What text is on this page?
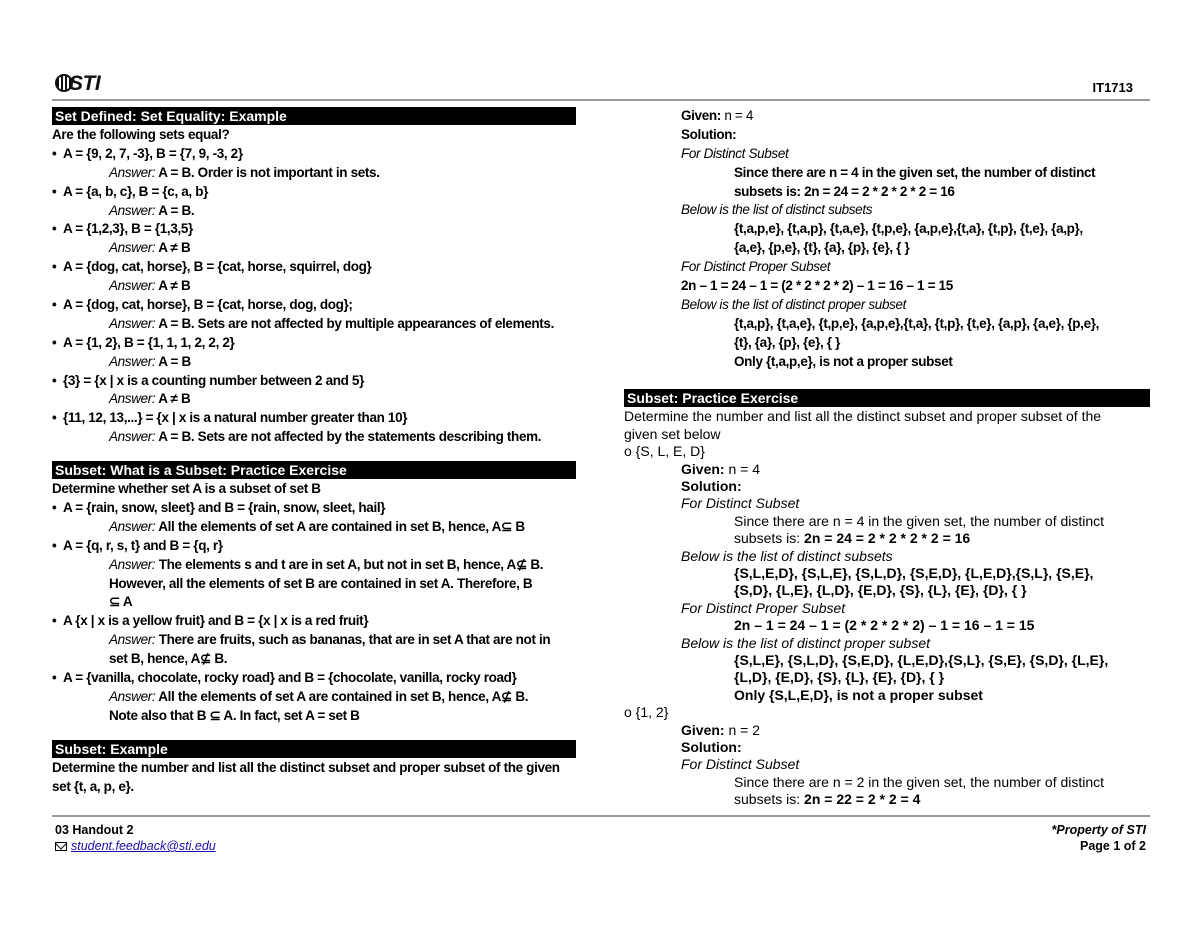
STI	IT1713
Set Defined: Set Equality: Example
Are the following sets equal?
• A = {9, 2, 7, -3}, B = {7, 9, -3, 2}
Answer: A = B. Order is not important in sets.
• A = {a, b, c}, B = {c, a, b}
Answer: A = B.
• A = {1,2,3}, B = {1,3,5}
Answer: A ≠ B
• A = {dog, cat, horse}, B = {cat, horse, squirrel, dog}
Answer: A ≠ B
• A = {dog, cat, horse}, B = {cat, horse, dog, dog};
Answer: A = B. Sets are not affected by multiple appearances of elements.
• A = {1, 2}, B = {1, 1, 1, 2, 2, 2}
Answer: A = B
• {3} = {x | x is a counting number between 2 and 5}
Answer: A ≠ B
• {11, 12, 13,...} = {x | x is a natural number greater than 10}
Answer: A = B. Sets are not affected by the statements describing them.
Subset: What is a Subset: Practice Exercise
Determine whether set A is a subset of set B
• A = {rain, snow, sleet} and B = {rain, snow, sleet, hail}
Answer: All the elements of set A are contained in set B, hence, A⊆ B
• A = {q, r, s, t} and B = {q, r}
Answer: The elements s and t are in set A, but not in set B, hence, A⊈ B.
However, all the elements of set B are contained in set A. Therefore, B
⊆ A
• A {x | x is a yellow fruit} and B = {x | x is a red fruit}
Answer: There are fruits, such as bananas, that are in set A that are not in
set B, hence, A⊈ B.
• A = {vanilla, chocolate, rocky road} and B = {chocolate, vanilla, rocky road}
Answer: All the elements of set A are contained in set B, hence, A⊈ B.
Note also that B ⊆ A. In fact, set A = set B
Subset: Example
Determine the number and list all the distinct subset and proper subset of the given
set {t, a, p, e}.
Given: n = 4
Solution:
For Distinct Subset
Since there are n = 4 in the given set, the number of distinct
subsets is: 2n = 24 = 2 * 2 * 2 * 2 = 16
Below is the list of distinct subsets
{t,a,p,e}, {t,a,p}, {t,a,e}, {t,p,e}, {a,p,e},{t,a}, {t,p}, {t,e}, {a,p},
{a,e}, {p,e}, {t}, {a}, {p}, {e}, { }
For Distinct Proper Subset
2n – 1 = 24 – 1 = (2 * 2 * 2 * 2) – 1 = 16 – 1 = 15
Below is the list of distinct proper subset
{t,a,p}, {t,a,e}, {t,p,e}, {a,p,e},{t,a}, {t,p}, {t,e}, {a,p}, {a,e}, {p,e},
{t}, {a}, {p}, {e}, { }
Only {t,a,p,e}, is not a proper subset
Subset: Practice Exercise
Determine the number and list all the distinct subset and proper subset of the
given set below
o {S, L, E, D}
Given: n = 4
Solution:
For Distinct Subset
Since there are n = 4 in the given set, the number of distinct
subsets is: 2n = 24 = 2 * 2 * 2 * 2 = 16
Below is the list of distinct subsets
{S,L,E,D}, {S,L,E}, {S,L,D}, {S,E,D}, {L,E,D},{S,L}, {S,E},
{S,D}, {L,E}, {L,D}, {E,D}, {S}, {L}, {E}, {D}, { }
For Distinct Proper Subset
2n – 1 = 24 – 1 = (2 * 2 * 2 * 2) – 1 = 16 – 1 = 15
Below is the list of distinct proper subset
{S,L,E}, {S,L,D}, {S,E,D}, {L,E,D},{S,L}, {S,E}, {S,D}, {L,E},
{L,D}, {E,D}, {S}, {L}, {E}, {D}, { }
Only {S,L,E,D}, is not a proper subset
o {1, 2}
Given: n = 2
Solution:
For Distinct Subset
Since there are n = 2 in the given set, the number of distinct
subsets is: 2n = 22 = 2 * 2 = 4
03 Handout 2
student.feedback@sti.edu
*Property of STI
Page 1 of 2
